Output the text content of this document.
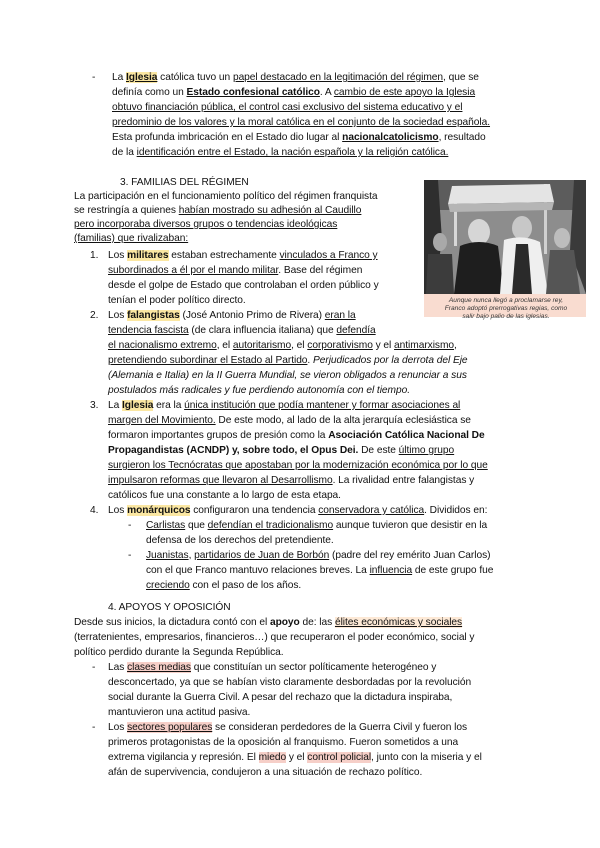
- La Iglesia católica tuvo un papel destacado en la legitimación del régimen, que se
definía como un Estado confesional católico. A cambio de este apoyo la Iglesia
obtuvo financiación pública, el control casi exclusivo del sistema educativo y el
predominio de los valores y la moral católica en el conjunto de la sociedad española.
Esta profunda imbricación en el Estado dio lugar al nacionalcatolicismo, resultado
de la identificación entre el Estado, la nación española y la religión católica.
3. FAMILIAS DEL RÉGIMEN
La participación en el funcionamiento político del régimen franquista
se restringía a quienes habían mostrado su adhesión al Caudillo
pero incorporaba diversos grupos o tendencias ideológicas
(familias) que rivalizaban:
1. Los militares estaban estrechamente vinculados a Franco y
subordinados a él por el mando militar. Base del régimen
desde el golpe de Estado que controlaban el orden público y
tenían el poder político directo.
2. Los falangistas (José Antonio Primo de Rivera) eran la
tendencia fascista (de clara influencia italiana) que defendía
el nacionalismo extremo, el autoritarismo, el corporativismo y el antimarxismo,
pretendiendo subordinar el Estado al Partido. Perjudicados por la derrota del Eje
(Alemania e Italia) en la II Guerra Mundial, se vieron obligados a renunciar a sus
postulados más radicales y fue perdiendo autonomía con el tiempo.
3. La Iglesia era la única institución que podía mantener y formar asociaciones al
margen del Movimiento. De este modo, al lado de la alta jerarquía eclesiástica se
formaron importantes grupos de presión como la Asociación Católica Nacional De
Propagandistas (ACNDP) y, sobre todo, el Opus Dei. De este último grupo
surgieron los Tecnócratas que apostaban por la modernización económica por lo que
impulsaron reformas que llevaron al Desarrollismo. La rivalidad entre falangistas y
católicos fue una constante a lo largo de esta etapa.
4. Los monárquicos configuraron una tendencia conservadora y católica. Divididos en:
- Carlistas que defendían el tradicionalismo aunque tuvieron que desistir en la
defensa de los derechos del pretendiente.
- Juanistas, partidarios de Juan de Borbón (padre del rey emérito Juan Carlos)
con el que Franco mantuvo relaciones breves. La influencia de este grupo fue
creciendo con el paso de los años.
Aunque nunca llegó a proclamarse rey,
Franco adoptó prerrogativas regias, como
salir bajo palio de las iglesias.
4. APOYOS Y OPOSICIÓN
Desde sus inicios, la dictadura contó con el apoyo de: las élites económicas y sociales
(terratenientes, empresarios, financieros…) que recuperaron el poder económico, social y
político perdido durante la Segunda República.
- Las clases medias que constituían un sector políticamente heterogéneo y
desconcertado, ya que se habían visto claramente desbordadas por la revolución
social durante la Guerra Civil. A pesar del rechazo que la dictadura inspiraba,
mantuvieron una actitud pasiva.
- Los sectores populares se consideran perdedores de la Guerra Civil y fueron los
primeros protagonistas de la oposición al franquismo. Fueron sometidos a una
extrema vigilancia y represión. El miedo y el control policial, junto con la miseria y el
afán de supervivencia, condujeron a una situación de rechazo político.
